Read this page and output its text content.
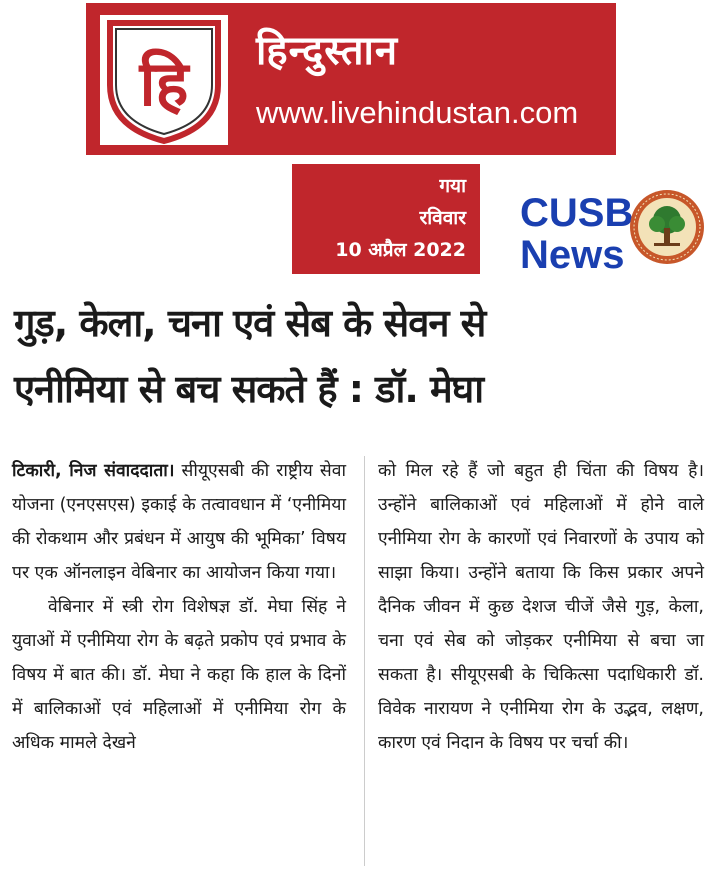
हि हिन्दुस्तान
www.livehindustan.com
गया
रविवार
10 अप्रैल 2022
CUSB
News
गुड़, केला, चना एवं सेब के सेवन से
एनीमिया से बच सकते हैं : डॉ. मेघा

टिकारी, निज संवाददाता। सीयूएसबी की राष्ट्रीय सेवा योजना (एनएसएस) इकाई के तत्वावधान में ‘एनीमिया की रोकथाम और प्रबंधन में आयुष की भूमिका’ विषय पर एक ऑनलाइन वेबिनार का आयोजन किया गया।

वेबिनार में स्त्री रोग विशेषज्ञ डॉ. मेघा सिंह ने युवाओं में एनीमिया रोग के बढ़ते प्रकोप एवं प्रभाव के विषय में बात की। डॉ. मेघा ने कहा कि हाल के दिनों में बालिकाओं एवं महिलाओं में एनीमिया रोग के अधिक मामले देखने

को मिल रहे हैं जो बहुत ही चिंता की विषय है। उन्होंने बालिकाओं एवं महिलाओं में होने वाले एनीमिया रोग के कारणों एवं निवारणों के उपाय को साझा किया। उन्होंने बताया कि किस प्रकार अपने दैनिक जीवन में कुछ देशज चीजें जैसे गुड़, केला, चना एवं सेब को जोड़कर एनीमिया से बचा जा सकता है। सीयूएसबी के चिकित्सा पदाधिकारी डॉ. विवेक नारायण ने एनीमिया रोग के उद्भव, लक्षण, कारण एवं निदान के विषय पर चर्चा की।
